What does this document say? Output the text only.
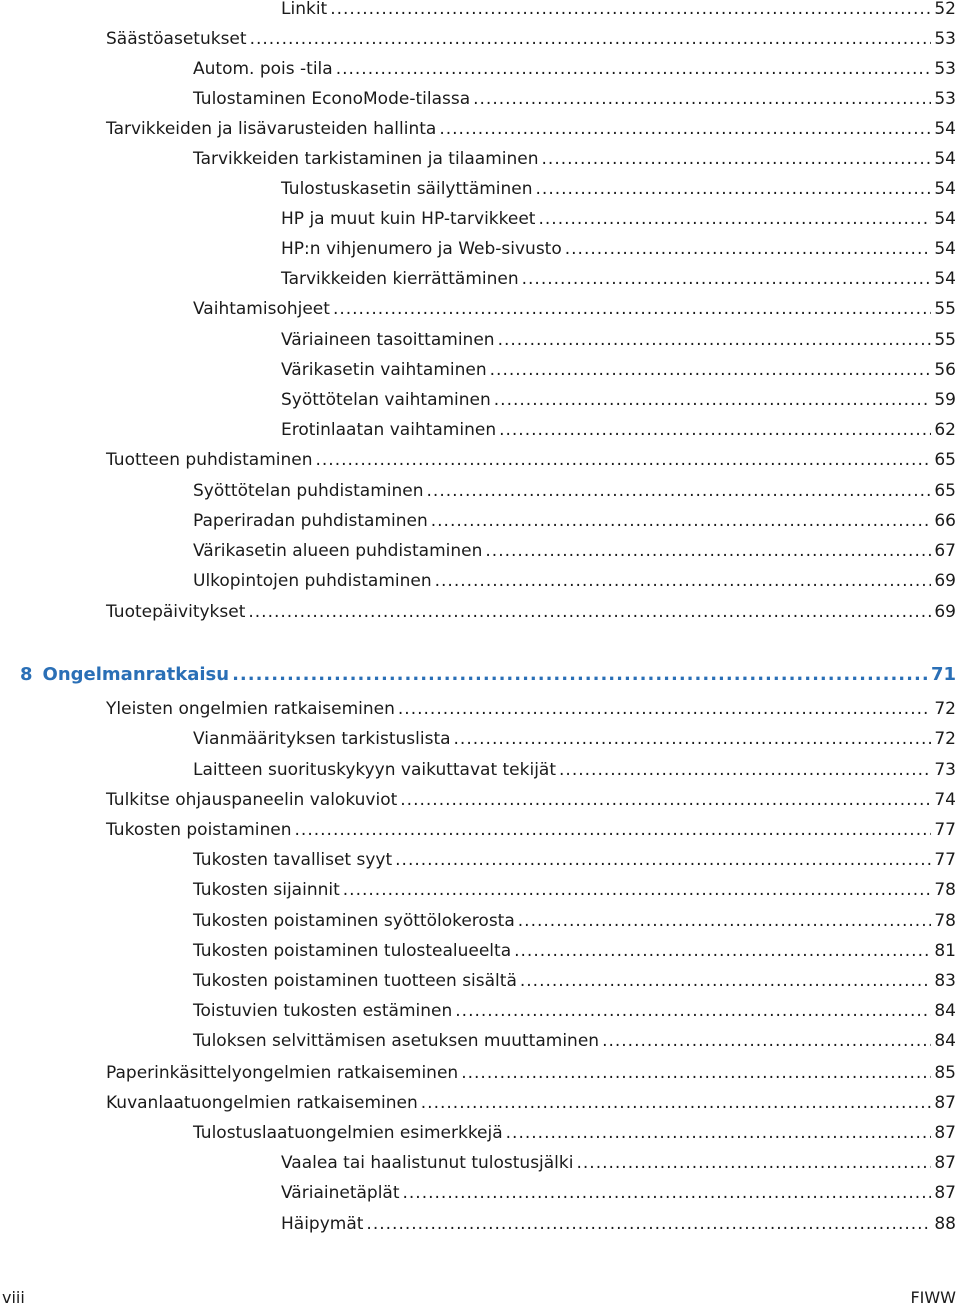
Linkit .....	52
Säästöasetukset .....	53
Autom. pois -tila .....	53
Tulostaminen EconoMode-tilassa .....	53
Tarvikkeiden ja lisävarusteiden hallinta .....	54
Tarvikkeiden tarkistaminen ja tilaaminen .....	54
Tulostuskasetin säilyttäminen .....	54
HP ja muut kuin HP-tarvikkeet .....	54
HP:n vihjenumero ja Web-sivusto .....	54
Tarvikkeiden kierrättäminen .....	54
Vaihtamisohjeet .....	55
Väriaineen tasoittaminen .....	55
Värikasetin vaihtaminen .....	56
Syöttötelan vaihtaminen .....	59
Erotinlaatan vaihtaminen .....	62
Tuotteen puhdistaminen .....	65
Syöttötelan puhdistaminen .....	65
Paperiradan puhdistaminen .....	66
Värikasetin alueen puhdistaminen .....	67
Ulkopintojen puhdistaminen .....	69
Tuotepäivitykset .....	69
8 Ongelmanratkaisu .....	71
Yleisten ongelmien ratkaiseminen .....	72
Vianmäärityksen tarkistuslista .....	72
Laitteen suorituskykyyn vaikuttavat tekijät .....	73
Tulkitse ohjauspaneelin valokuviot .....	74
Tukosten poistaminen .....	77
Tukosten tavalliset syyt .....	77
Tukosten sijainnit .....	78
Tukosten poistaminen syöttölokerosta .....	78
Tukosten poistaminen tulostealueelta .....	81
Tukosten poistaminen tuotteen sisältä .....	83
Toistuvien tukosten estäminen .....	84
Tuloksen selvittämisen asetuksen muuttaminen .....	84
Paperinkäsittelyongelmien ratkaiseminen .....	85
Kuvanlaatuongelmien ratkaiseminen .....	87
Tulostuslaatuongelmien esimerkkejä .....	87
Vaalea tai haalistunut tulostusjälki .....	87
Väriainetäplät .....	87
Häipymät .....	88
viii	FIWW
